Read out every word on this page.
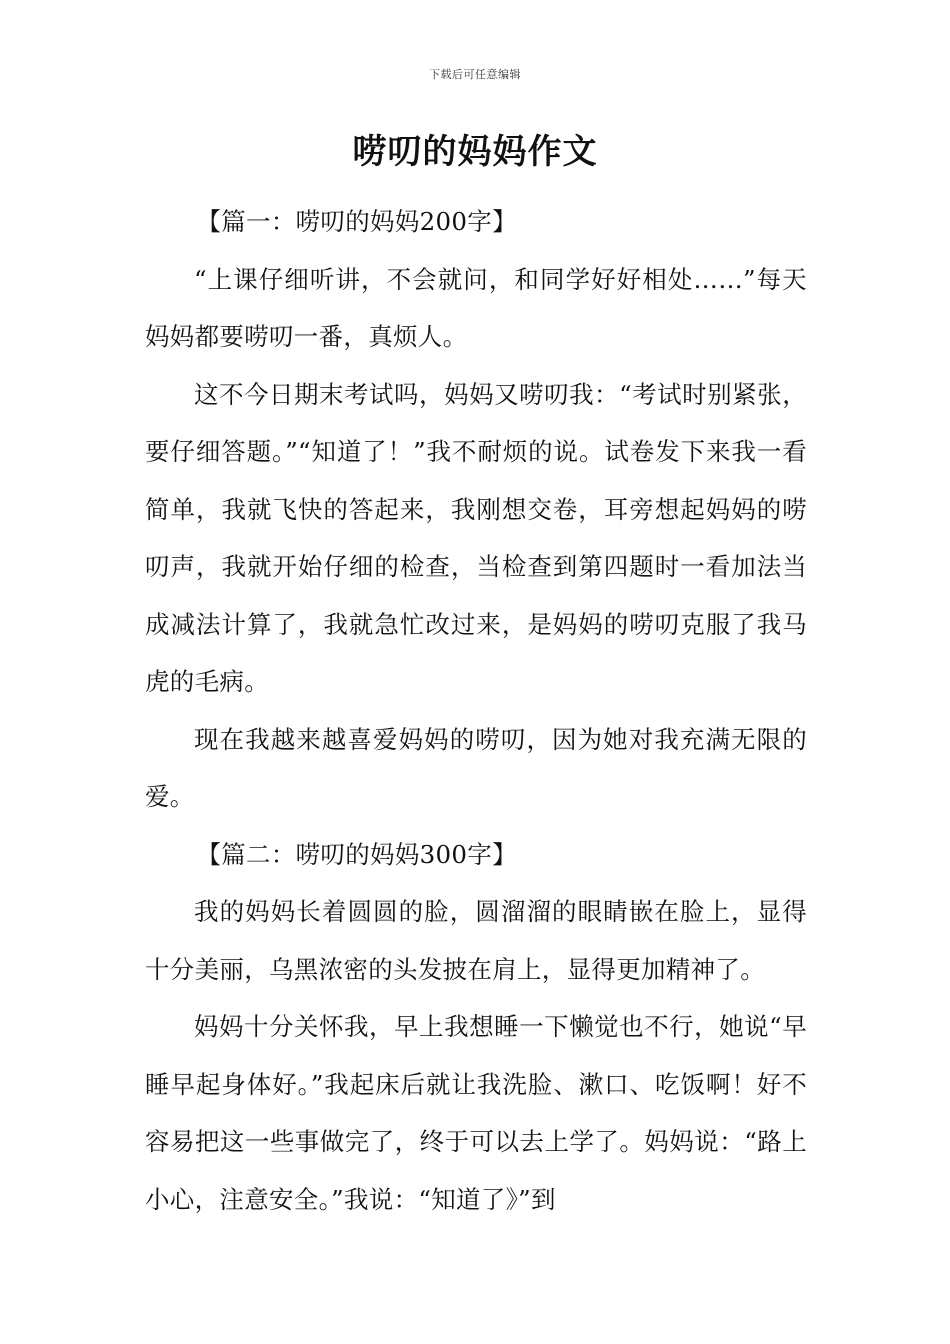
下载后可任意编辑
唠叨的妈妈作文

【篇一：唠叨的妈妈200字】

“上课仔细听讲，不会就问，和同学好好相处……”每天妈妈都要唠叨一番，真烦人。

这不今日期末考试吗，妈妈又唠叨我：“考试时别紧张，要仔细答题。”“知道了！”我不耐烦的说。试卷发下来我一看简单，我就飞快的答起来，我刚想交卷，耳旁想起妈妈的唠叨声，我就开始仔细的检查，当检查到第四题时一看加法当成减法计算了，我就急忙改过来，是妈妈的唠叨克服了我马虎的毛病。

现在我越来越喜爱妈妈的唠叨，因为她对我充满无限的爱。

【篇二：唠叨的妈妈300字】

我的妈妈长着圆圆的脸，圆溜溜的眼睛嵌在脸上，显得十分美丽，乌黑浓密的头发披在肩上，显得更加精神了。

妈妈十分关怀我，早上我想睡一下懒觉也不行，她说“早睡早起身体好。”我起床后就让我洗脸、漱口、吃饭啊！好不容易把这一些事做完了，终于可以去上学了。妈妈说：“路上小心，注意安全。”我说：“知道了》”到
